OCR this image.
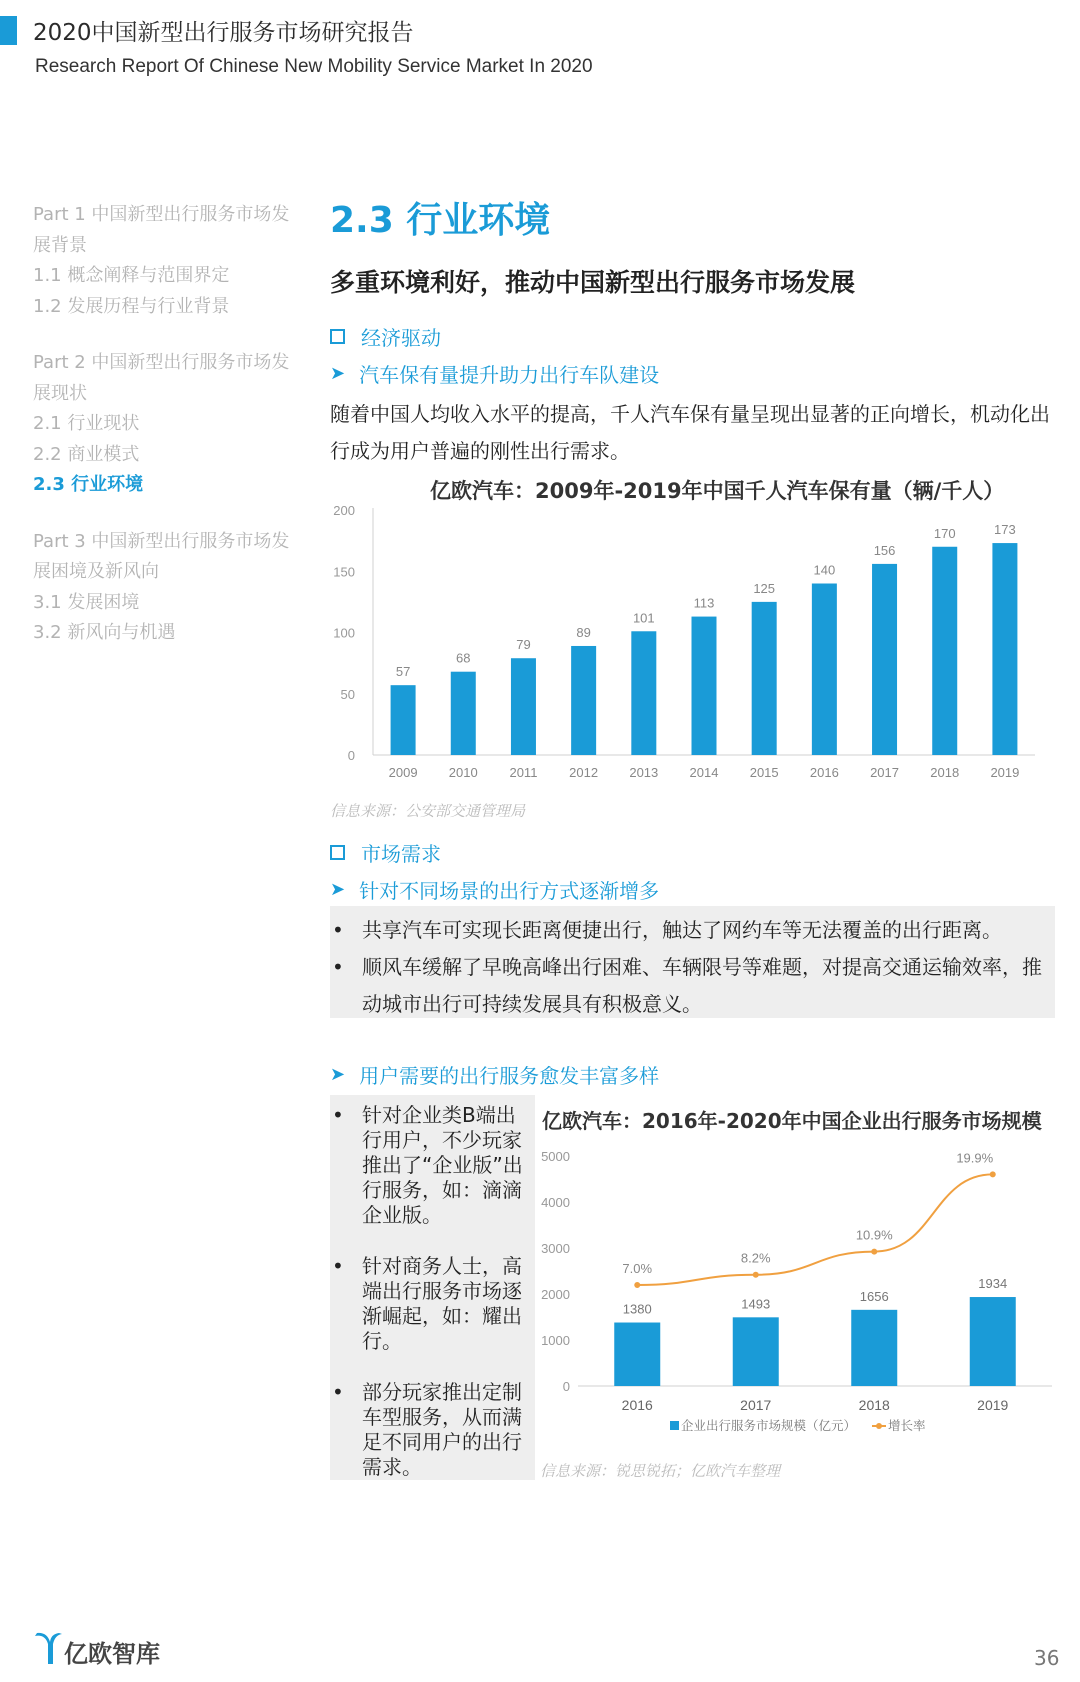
2020中国新型出行服务市场研究报告
Research Report Of Chinese New Mobility Service Market In 2020
Part 1 中国新型出行服务市场发展背景
1.1 概念阐释与范围界定
1.2 发展历程与行业背景
Part 2 中国新型出行服务市场发展现状
2.1 行业现状
2.2 商业模式
2.3 行业环境
Part 3 中国新型出行服务市场发展困境及新风向
3.1 发展困境
3.2 新风向与机遇
2.3 行业环境
多重环境利好，推动中国新型出行服务市场发展
经济驱动
➤ 汽车保有量提升助力出行车队建设
随着中国人均收入水平的提高，千人汽车保有量呈现出显著的正向增长，机动化出行成为用户普遍的刚性出行需求。
亿欧汽车：2009年-2019年中国千人汽车保有量（辆/千人）
0
50
100
150
200
57
2009
68
2010
79
2011
89
2012
101
2013
113
2014
125
2015
140
2016
156
2017
170
2018
173
2019
信息来源：公安部交通管理局
市场需求
➤ 针对不同场景的出行方式逐渐增多
• 共享汽车可实现长距离便捷出行，触达了网约车等无法覆盖的出行距离。
• 顺风车缓解了早晚高峰出行困难、车辆限号等难题，对提高交通运输效率，推动城市出行可持续发展具有积极意义。
➤ 用户需要的出行服务愈发丰富多样
• 针对企业类B端出行用户，不少玩家推出了“企业版”出行服务，如：滴滴企业版。
• 针对商务人士，高端出行服务市场逐渐崛起，如：耀出行。
• 部分玩家推出定制车型服务，从而满足不同用户的出行需求。
亿欧汽车：2016年-2020年中国企业出行服务市场规模
0
1000
2000
3000
4000
5000
1380
2016
1493
2017
1656
2018
1934
2019
7.0%
8.2%
10.9%
19.9%
企业出行服务市场规模（亿元）	增长率
信息来源：锐思锐拓；亿欧汽车整理
亿欧智库	36
